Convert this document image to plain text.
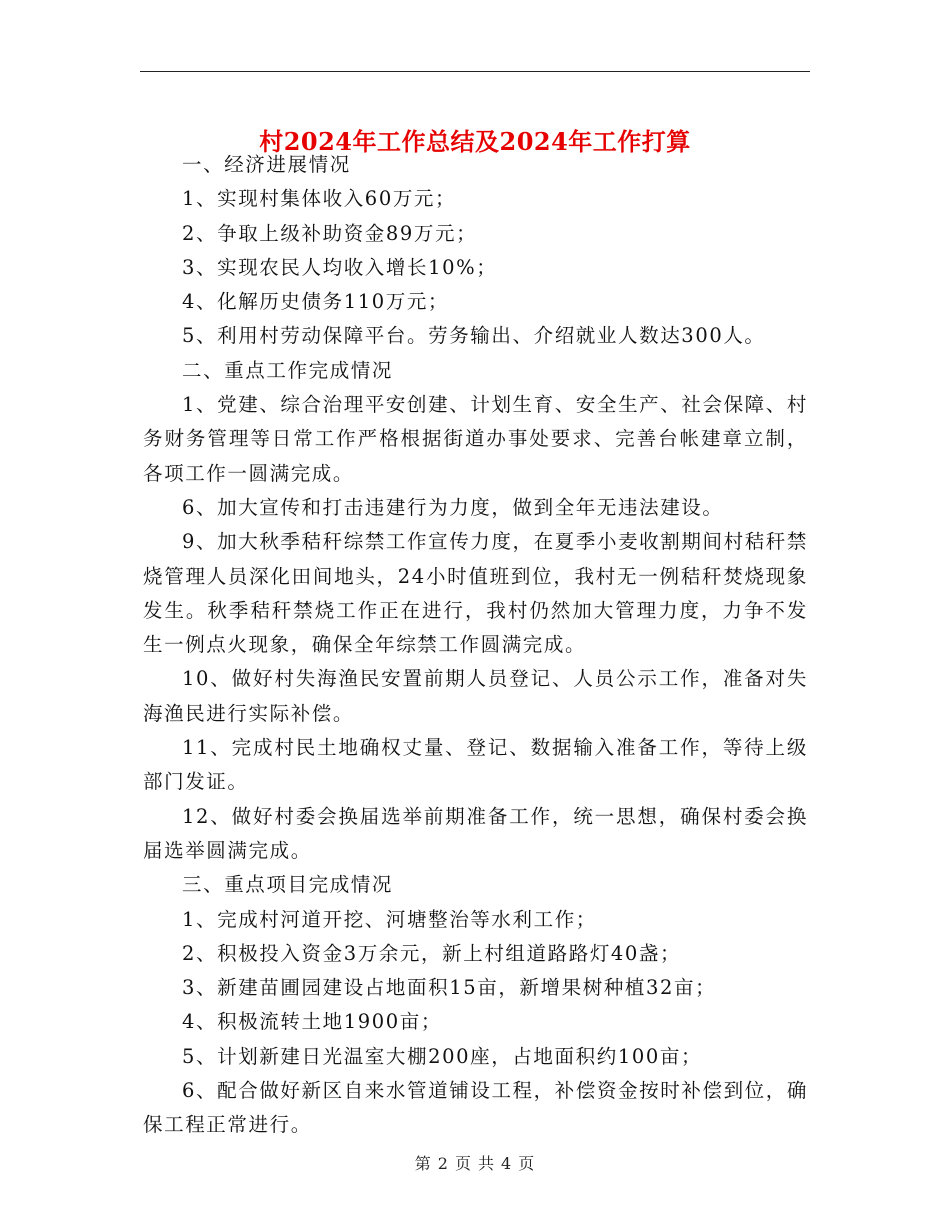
村2024年工作总结及2024年工作打算

一、经济进展情况

1、实现村集体收入60万元；

2、争取上级补助资金89万元；

3、实现农民人均收入增长10%；

4、化解历史债务110万元；

5、利用村劳动保障平台。劳务输出、介绍就业人数达300人。

二、重点工作完成情况

1、党建、综合治理平安创建、计划生育、安全生产、社会保障、村务财务管理等日常工作严格根据街道办事处要求、完善台帐建章立制，各项工作一圆满完成。

6、加大宣传和打击违建行为力度，做到全年无违法建设。

9、加大秋季秸秆综禁工作宣传力度，在夏季小麦收割期间村秸秆禁烧管理人员深化田间地头，24小时值班到位，我村无一例秸秆焚烧现象发生。秋季秸秆禁烧工作正在进行，我村仍然加大管理力度，力争不发生一例点火现象，确保全年综禁工作圆满完成。

10、做好村失海渔民安置前期人员登记、人员公示工作，准备对失海渔民进行实际补偿。

11、完成村民土地确权丈量、登记、数据输入准备工作，等待上级部门发证。

12、做好村委会换届选举前期准备工作，统一思想，确保村委会换届选举圆满完成。

三、重点项目完成情况

1、完成村河道开挖、河塘整治等水利工作；

2、积极投入资金3万余元，新上村组道路路灯40盏；

3、新建苗圃园建设占地面积15亩，新增果树种植32亩；

4、积极流转土地1900亩；

5、计划新建日光温室大棚200座，占地面积约100亩；

6、配合做好新区自来水管道铺设工程，补偿资金按时补偿到位，确保工程正常进行。

第 2 页 共 4 页
